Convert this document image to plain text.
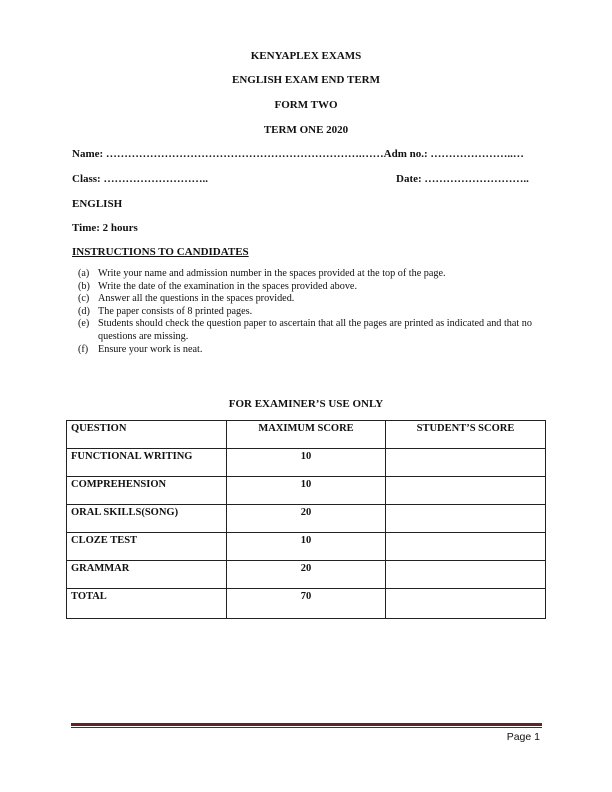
KENYAPLEX EXAMS
ENGLISH EXAM END TERM
FORM TWO
TERM ONE 2020
Name: …………………………………………………………….……Adm no.: …………………..…
Class: ………………………..	Date: ………………………..
ENGLISH
Time: 2 hours
INSTRUCTIONS TO CANDIDATES
(a) Write your name and admission number in the spaces provided at the top of the page.
(b) Write the date of the examination in the spaces provided above.
(c) Answer all the questions in the spaces provided.
(d) The paper consists of 8 printed pages.
(e) Students should check the question paper to ascertain that all the pages are printed as indicated and that no questions are missing.
(f) Ensure your work is neat.
FOR EXAMINER’S USE ONLY
QUESTION	MAXIMUM SCORE	STUDENT’S SCORE
FUNCTIONAL WRITING	10	
COMPREHENSION	10	
ORAL SKILLS(SONG)	20	
CLOZE TEST	10	
GRAMMAR	20	
TOTAL	70	
Page 1
